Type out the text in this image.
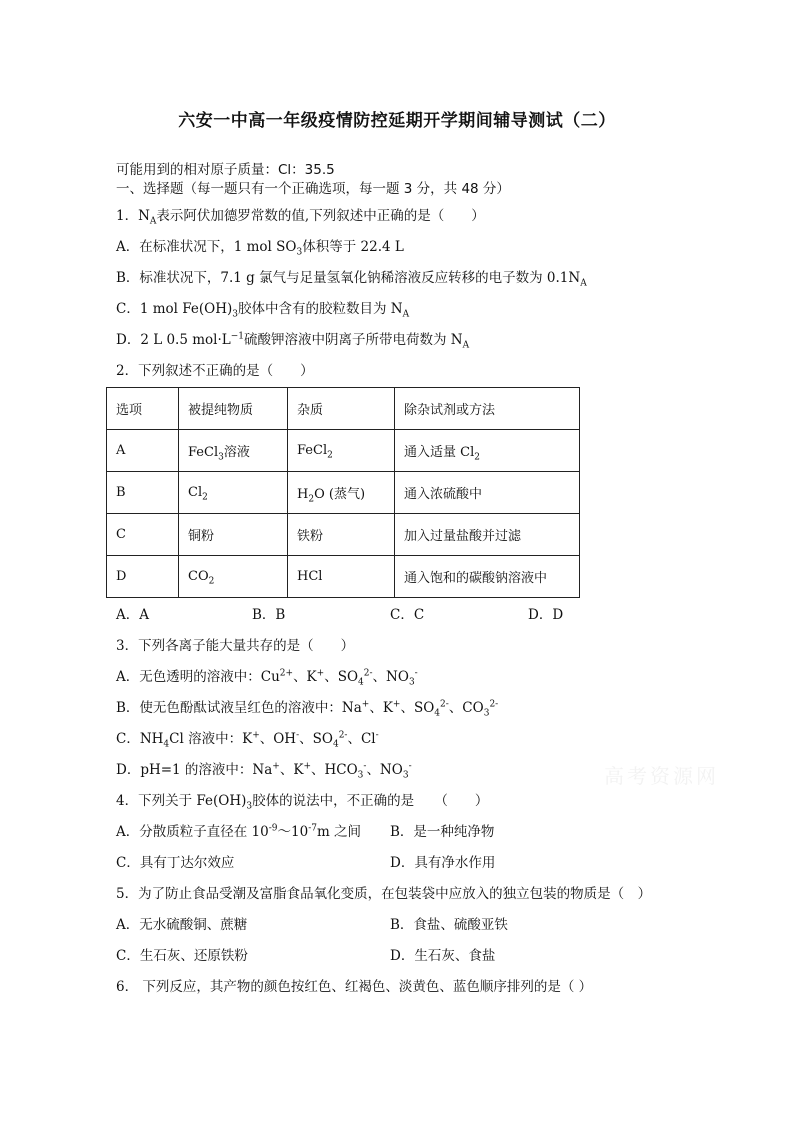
六安一中高一年级疫情防控延期开学期间辅导测试（二）
可能用到的相对原子质量：Cl：35.5
一、选择题（每一题只有一个正确选项，每一题 3 分，共 48 分）
1．$N_A$表示阿伏加德罗常数的值,下列叙述中正确的是（　　）
A．在标准状况下，1 mol $SO_3$体积等于 22.4 L
B．标准状况下，7.1 g 氯气与足量氢氧化钠稀溶液反应转移的电子数为 $0.1N_A$
C．1 mol $Fe(OH)_3$胶体中含有的胶粒数目为 $N_A$
D．2 L 0.5 $mol\cdot L^{-1}$硫酸钾溶液中阴离子所带电荷数为 $N_A$
2．下列叙述不正确的是（　　）
选项	被提纯物质	杂质	除杂试剂或方法
A	FeCl$_3$溶液	FeCl$_2$	通入适量 $Cl_2$
B	$Cl_2$	$H_2O$ (蒸气)	通入浓硫酸中
C	铜粉	铁粉	加入过量盐酸并过滤
D	$CO_2$	HCl	通入饱和的碳酸钠溶液中
A．A	B．B	C．C	D．D
3．下列各离子能大量共存的是（　　）
A．无色透明的溶液中：$Cu^{2+}$、K+、$SO_4^{2-}$、$NO_3^-$
B．使无色酚酞试液呈红色的溶液中：Na+、K+、$SO_4^{2-}$、$CO_3^{2-}$
C．$NH_4Cl$ 溶液中：K+、OH-、$SO_4^{2-}$、Cl-
D．pH=1 的溶液中：Na+、K+、$HCO_3^-$、$NO_3^-$	高考资源网
4．下列关于 $Fe(OH)_3$胶体的说法中，不正确的是　　（　　）
A．分散质粒子直径在 $10^{-9}\sim 10^{-7}m$ 之间 B．是一种纯净物
C．具有丁达尔效应	D．具有净水作用
5．为了防止食品受潮及富脂食品氧化变质，在包装袋中应放入的独立包装的物质是（　）
A．无水硫酸铜、蔗糖	B．食盐、硫酸亚铁
C．生石灰、还原铁粉	D．生石灰、食盐
6． 下列反应，其产物的颜色按红色、红褐色、淡黄色、蓝色顺序排列的是（ ）
